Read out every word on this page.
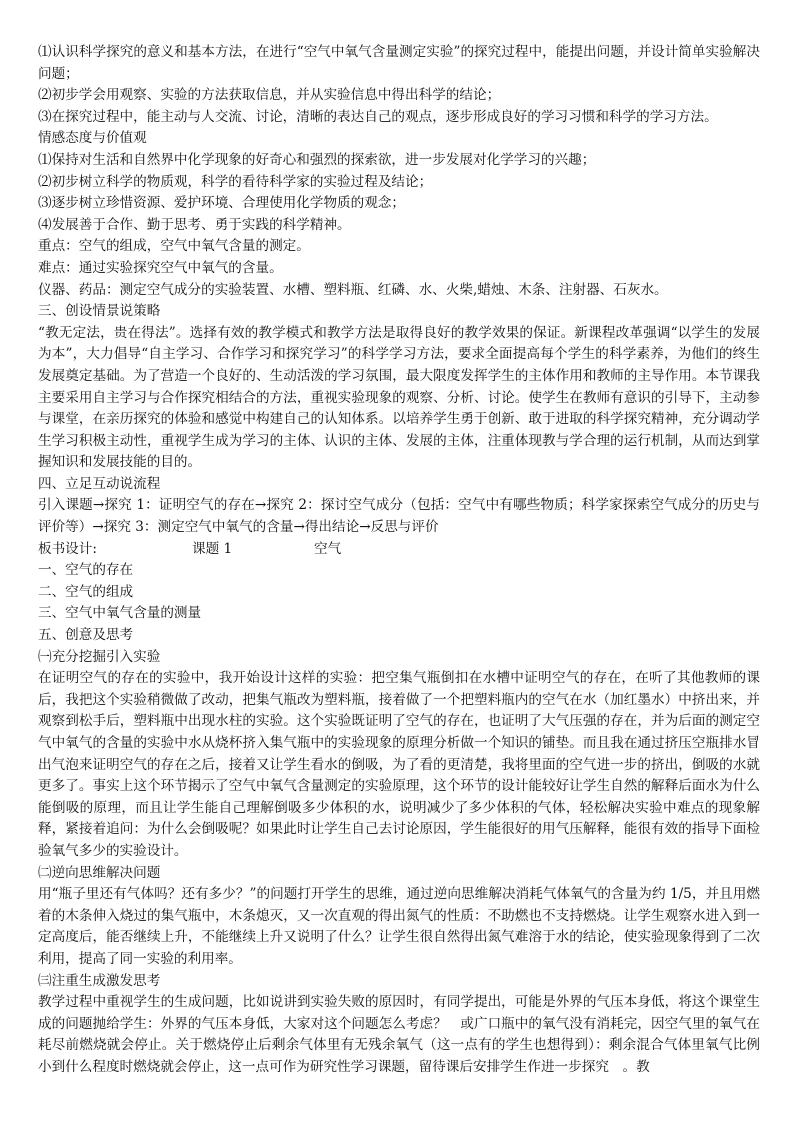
⑴认识科学探究的意义和基本方法，在进行“空气中氧气含量测定实验”的探究过程中，能提出问题，并设计简单实验解决问题；

⑵初步学会用观察、实验的方法获取信息，并从实验信息中得出科学的结论；

⑶在探究过程中，能主动与人交流、讨论，清晰的表达自己的观点，逐步形成良好的学习习惯和科学的学习方法。

情感态度与价值观

⑴保持对生活和自然界中化学现象的好奇心和强烈的探索欲，进一步发展对化学学习的兴趣；

⑵初步树立科学的物质观，科学的看待科学家的实验过程及结论；

⑶逐步树立珍惜资源、爱护环境、合理使用化学物质的观念；

⑷发展善于合作、勤于思考、勇于实践的科学精神。

重点：空气的组成，空气中氧气含量的测定。

难点：通过实验探究空气中氧气的含量。

仪器、药品：测定空气成分的实验装置、水槽、塑料瓶、红磷、水、火柴,蜡烛、木条、注射器、石灰水。

三、创设情景说策略

“教无定法，贵在得法”。选择有效的教学模式和教学方法是取得良好的教学效果的保证。新课程改革强调“以学生的发展为本”，大力倡导“自主学习、合作学习和探究学习”的科学学习方法，要求全面提高每个学生的科学素养，为他们的终生发展奠定基础。为了营造一个良好的、生动活泼的学习氛围，最大限度发挥学生的主体作用和教师的主导作用。本节课我主要采用自主学习与合作探究相结合的方法，重视实验现象的观察、分析、讨论。使学生在教师有意识的引导下，主动参与课堂，在亲历探究的体验和感觉中构建自己的认知体系。以培养学生勇于创新、敢于进取的科学探究精神，充分调动学生学习积极主动性，重视学生成为学习的主体、认识的主体、发展的主体，注重体现教与学合理的运行机制，从而达到掌握知识和发展技能的目的。

四、立足互动说流程

引入课题→探究 1：证明空气的存在→探究 2：探讨空气成分（包括：空气中有哪些物质；科学家探索空气成分的历史与评价等）→探究 3：测定空气中氧气的含量→得出结论→反思与评价

板书设计:	课题 1	空气

一、空气的存在

二、空气的组成

三、空气中氧气含量的测量

五、创意及思考

㈠充分挖掘引入实验

在证明空气的存在的实验中，我开始设计这样的实验：把空集气瓶倒扣在水槽中证明空气的存在，在听了其他教师的课后，我把这个实验稍微做了改动，把集气瓶改为塑料瓶，接着做了一个把塑料瓶内的空气在水（加红墨水）中挤出来，并观察到松手后，塑料瓶中出现水柱的实验。这个实验既证明了空气的存在，也证明了大气压强的存在，并为后面的测定空气中氧气的含量的实验中水从烧杯挤入集气瓶中的实验现象的原理分析做一个知识的铺垫。而且我在通过挤压空瓶排水冒出气泡来证明空气的存在之后，接着又让学生看水的倒吸，为了看的更清楚，我将里面的空气进一步的挤出，倒吸的水就更多了。事实上这个环节揭示了空气中氧气含量测定的实验原理，这个环节的设计能较好让学生自然的解释后面水为什么能倒吸的原理，而且让学生能自己理解倒吸多少体积的水，说明减少了多少体积的气体，轻松解决实验中难点的现象解释，紧接着追问：为什么会倒吸呢？如果此时让学生自己去讨论原因，学生能很好的用气压解释，能很有效的指导下面检验氧气多少的实验设计。

㈡逆向思维解决问题

用“瓶子里还有气体吗？还有多少？”的问题打开学生的思维，通过逆向思维解决消耗气体氧气的含量为约 1/5，并且用燃着的木条伸入烧过的集气瓶中，木条熄灭，又一次直观的得出氮气的性质：不助燃也不支持燃烧。让学生观察水进入到一定高度后，能否继续上升，不能继续上升又说明了什么？让学生很自然得出氮气难溶于水的结论，使实验现象得到了二次利用，提高了同一实验的利用率。

㈢注重生成激发思考

教学过程中重视学生的生成问题，比如说讲到实验失败的原因时，有同学提出，可能是外界的气压本身低，将这个课堂生成的问题抛给学生：外界的气压本身低，大家对这个问题怎么考虑？　或广口瓶中的氧气没有消耗完，因空气里的氧气在耗尽前燃烧就会停止。关于燃烧停止后剩余气体里有无残余氧气（这一点有的学生也想得到）：剩余混合气体里氧气比例小到什么程度时燃烧就会停止，这一点可作为研究性学习课题，留待课后安排学生作进一步探究　。教
